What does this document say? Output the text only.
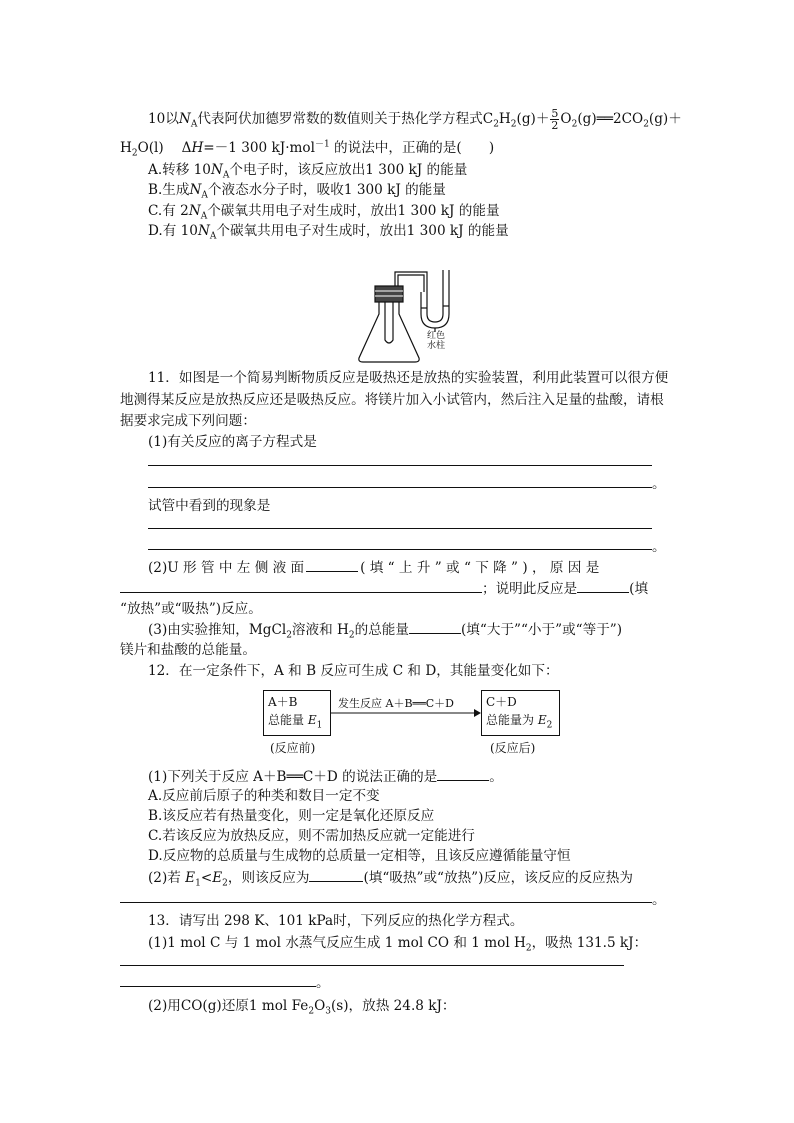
10以$N_A$代表阿伏加德罗常数的数值则关于热化学方程式$C_2H_2(g)+ \frac{5}{2}$ $O_2(g)══2CO_2(g)+$
$H_2O(l)$　 ΔH=－1 300 kJ·mol$^{-1}$ 的说法中，正确的是(　　)
A.转移 $10N_A$个电子时，该反应放出1 300 kJ 的能量
B.生成$N_A$个液态水分子时，吸收1 300 kJ 的能量
C.有 $2N_A$个碳氧共用电子对生成时，放出1 300 kJ 的能量
D.有 $10N_A$个碳氧共用电子对生成时，放出1 300 kJ 的能量
红色
水柱
11．如图是一个简易判断物质反应是吸热还是放热的实验装置，利用此装置可以很方便
地测得某反应是放热反应还是吸热反应。将镁片加入小试管内，然后注入足量的盐酸，请根
据要求完成下列问题：
(1)有关反应的离子方程式是
。
试管中看到的现象是
。
(2)U 形 管 中 左 侧 液 面	( 填 “ 上 升 ” 或 “ 下 降 ” ) ， 原 因 是
；说明此反应是	(填
“放热”或“吸热”)反应。
(3)由实验推知，MgCl$_2$溶液和 $H_2$的总能量	(填“大于”“小于”或“等于”)
镁片和盐酸的总能量。
12．在一定条件下，A 和 B 反应可生成 C 和 D，其能量变化如下：
A＋B
总能量 $E_1$
发生反应 A＋B══C＋D	C＋D
总能量为 $E_2$
(反应前)	(反应后)
(1)下列关于反应 A＋B══C＋D 的说法正确的是	。
A.反应前后原子的种类和数目一定不变
B.该反应若有热量变化，则一定是氧化还原反应
C.若该反应为放热反应，则不需加热反应就一定能进行
D.反应物的总质量与生成物的总质量一定相等，且该反应遵循能量守恒
(2)若 $E_1<E_2$，则该反应为	(填“吸热”或“放热”)反应，该反应的反应热为
。
13．请写出 298 K、101 kPa时，下列反应的热化学方程式。
(1)1 mol C 与 1 mol 水蒸气反应生成 1 mol CO 和 1 mol $H_2$，吸热 131.5 kJ：
。
(2)用CO(g)还原1 mol $Fe_2O_3(s)$，放热 24.8 kJ：
